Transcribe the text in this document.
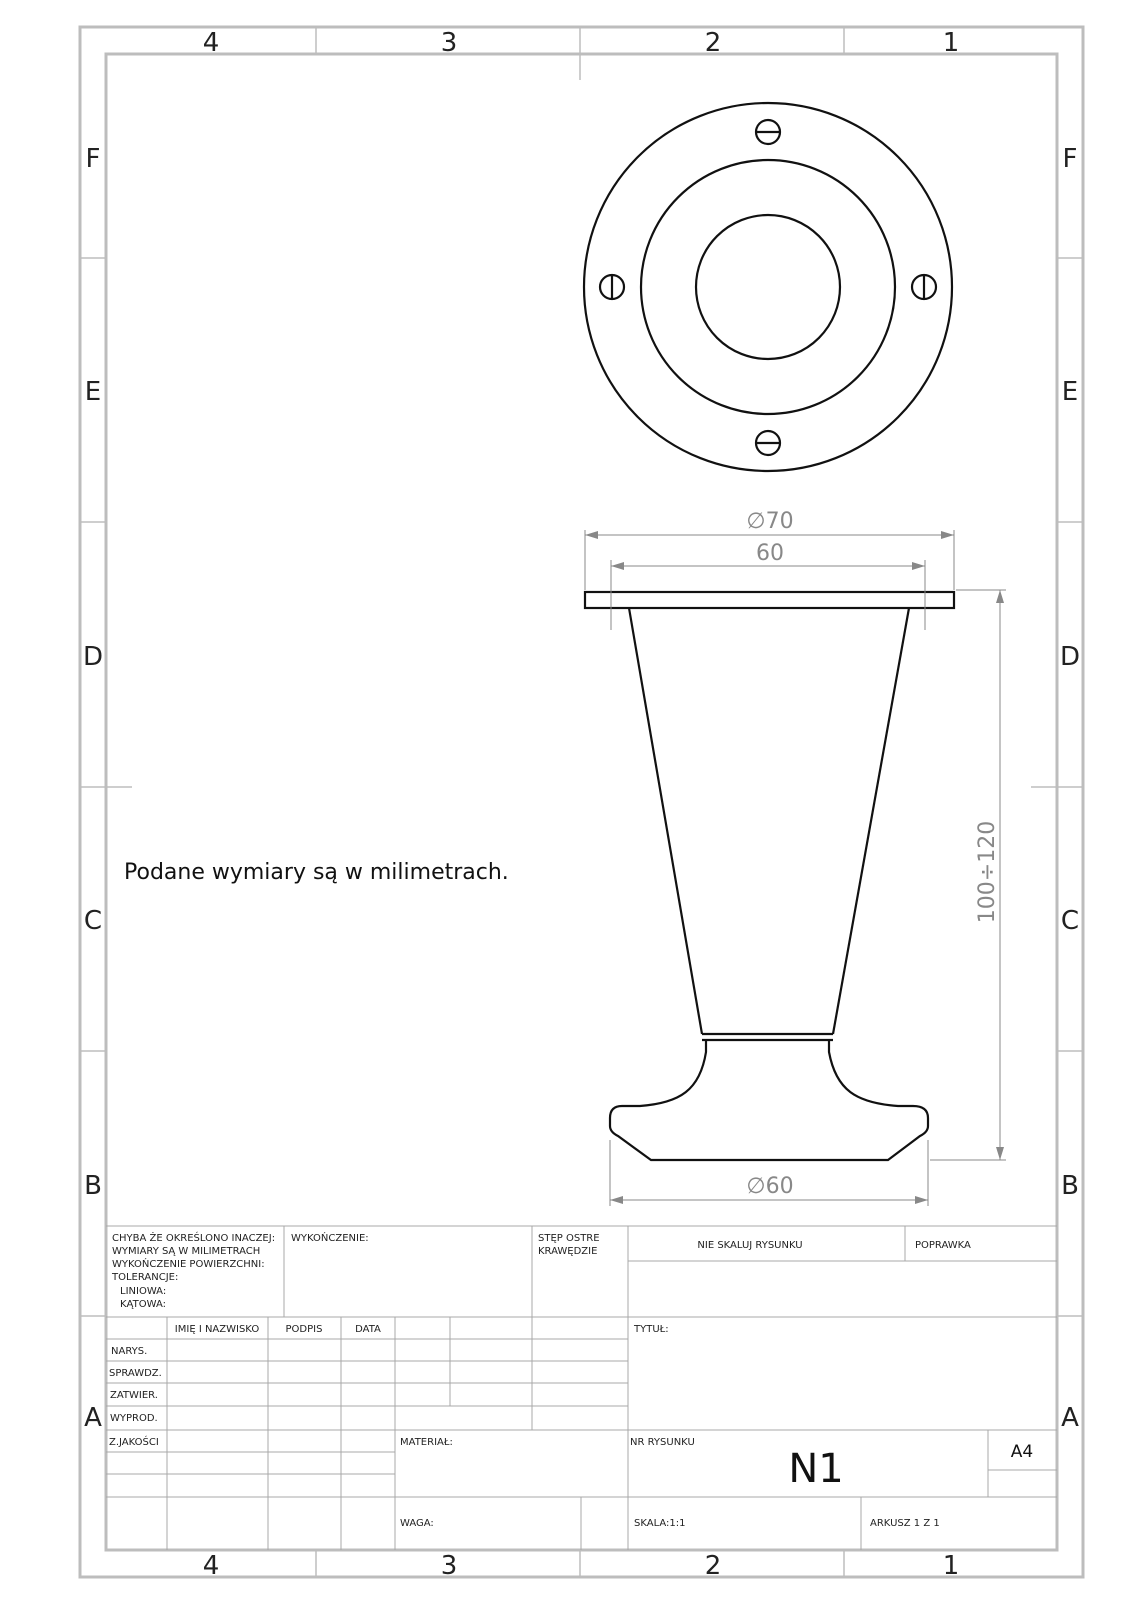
4	3	2	1
4	3	2	1
F
E
D
C
B
A
F
E
D
C
B
A
∅70
60
100÷120
∅60
Podane wymiary są w milimetrach.
CHYBA ŻE OKREŚLONO INACZEJ:
WYMIARY SĄ W MILIMETRACH
WYKOŃCZENIE POWIERZCHNI:
TOLERANCJE:
LINIOWA:
KĄTOWA:
WYKOŃCZENIE:	STĘP OSTRE
KRAWĘDZIE
NIE SKALUJ RYSUNKU	POPRAWKA
IMIĘ I NAZWISKO	PODPIS	DATA
NARYS.
SPRAWDZ.
ZATWIER.
WYPROD.
Z.JAKOŚCI
TYTUŁ:
MATERIAŁ:	NR RYSUNKU
N1	A4
WAGA:	SKALA:1:1	ARKUSZ 1 Z 1
